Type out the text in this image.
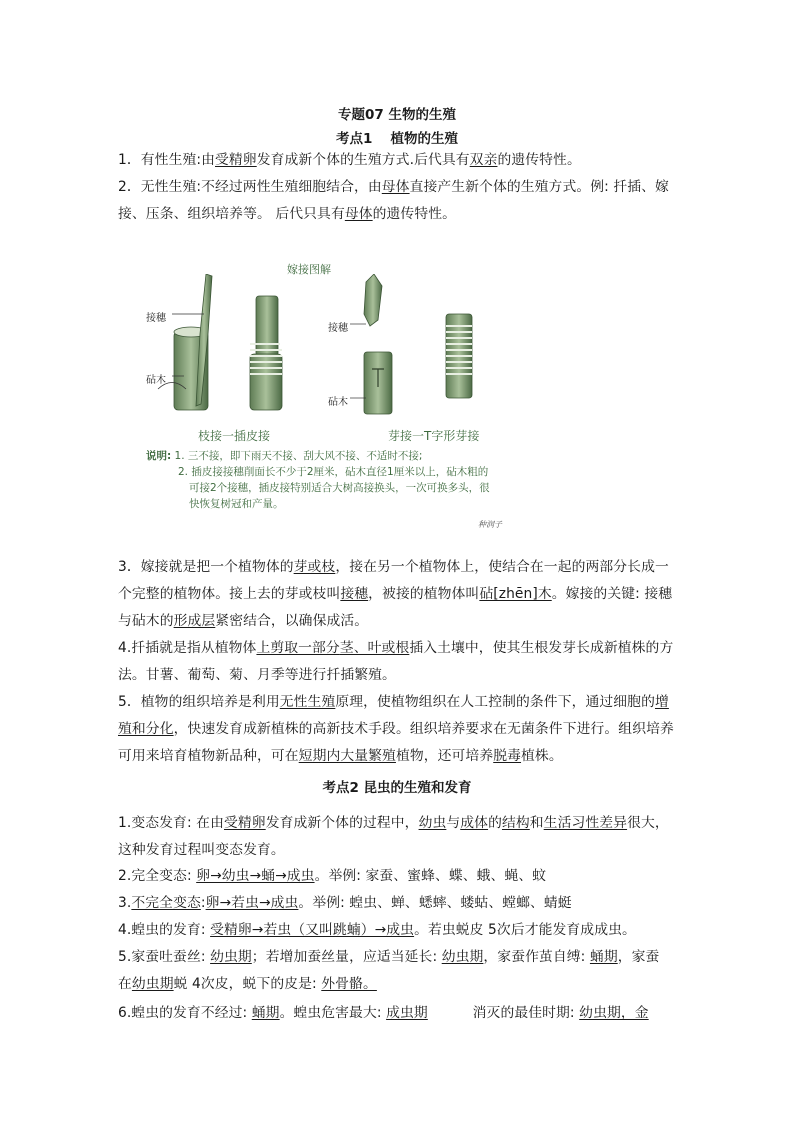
专题07 生物的生殖
考点1　 植物的生殖
1．有性生殖:由受精卵发育成新个体的生殖方式.后代具有双亲的遗传特性。
2．无性生殖:不经过两性生殖细胞结合，由母体直接产生新个体的生殖方式。例: 扦插、嫁
接、压条、组织培养等。 后代只具有母体的遗传特性。
嫁接图解
接穗
砧木
接穗
砧木
枝接一插皮接	芽接一T字形芽接
说明: 1. 三不接，即下雨天不接、刮大风不接、不适时不接;
2. 插皮接接穗削面长不少于2厘米，砧木直径1厘米以上，砧木粗的
可接2个接穗，插皮接特别适合大树高接换头，一次可换多头，很
快恢复树冠和产量。
种润子
3．嫁接就是把一个植物体的芽或枝，接在另一个植物体上，使结合在一起的两部分长成一
个完整的植物体。接上去的芽或枝叫接穗，被接的植物体叫砧[zhēn]木。嫁接的关键: 接穗
与砧木的形成层紧密结合，以确保成活。
4.扦插就是指从植物体上剪取一部分茎、叶或根插入土壤中，使其生根发芽长成新植株的方
法。甘薯、葡萄、菊、月季等进行扦插繁殖。
5．植物的组织培养是利用无性生殖原理，使植物组织在人工控制的条件下，通过细胞的增
殖和分化，快速发育成新植株的高新技术手段。组织培养要求在无菌条件下进行。组织培养
可用来培育植物新品种，可在短期内大量繁殖植物，还可培养脱毒植株。
考点2 昆虫的生殖和发育
1.变态发育: 在由受精卵发育成新个体的过程中，幼虫与成体的结构和生活习性差异很大，
这种发育过程叫变态发育。
2.完全变态: 卵→幼虫→蛹→成虫。举例: 家蚕、蜜蜂、蝶、蛾、蝇、蚊
3.不完全变态:卵→若虫→成虫。举例: 蝗虫、蝉、蟋蟀、蝼蛄、螳螂、蜻蜓
4.蝗虫的发育: 受精卵→若虫（又叫跳蝻）→成虫。若虫蜕皮 5次后才能发育成成虫。
5.家蚕吐蚕丝: 幼虫期；若增加蚕丝量，应适当延长: 幼虫期，家蚕作茧自缚: 蛹期，家蚕
在幼虫期蜕 4次皮，蜕下的皮是: 外骨骼。
6.蝗虫的发育不经过: 蛹期。蝗虫危害最大: 成虫期          消灭的最佳时期: 幼虫期，金
